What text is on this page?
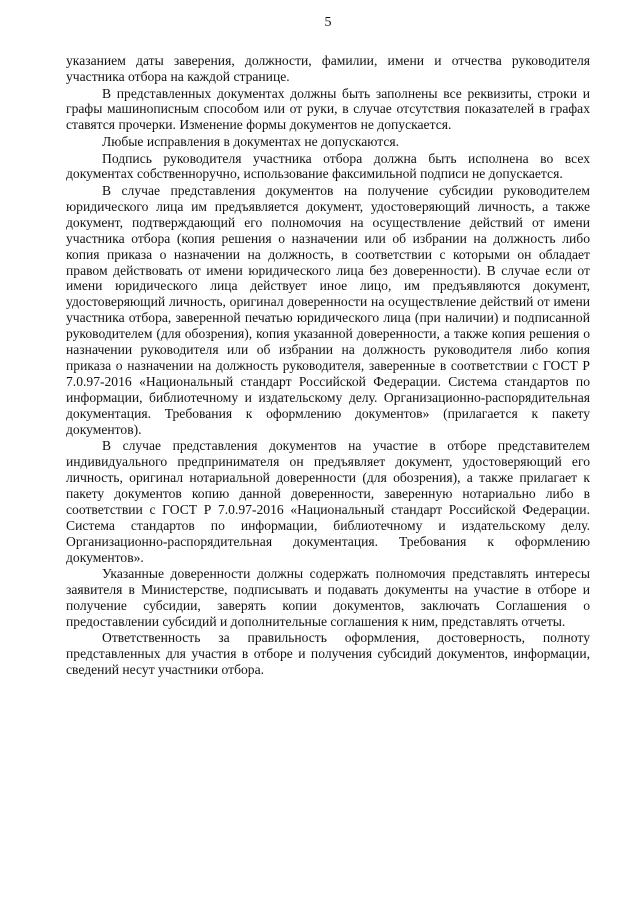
5

указанием даты заверения, должности, фамилии, имени и отчества руководителя участника отбора на каждой странице.

В представленных документах должны быть заполнены все реквизиты, строки и графы машинописным способом или от руки, в случае отсутствия показателей в графах ставятся прочерки. Изменение формы документов не допускается.

Любые исправления в документах не допускаются.

Подпись руководителя участника отбора должна быть исполнена во всех документах собственноручно, использование факсимильной подписи не допускается.

В случае представления документов на получение субсидии руководителем юридического лица им предъявляется документ, удостоверяющий личность, а также документ, подтверждающий его полномочия на осуществление действий от имени участника отбора (копия решения о назначении или об избрании на должность либо копия приказа о назначении на должность, в соответствии с которыми он обладает правом действовать от имени юридического лица без доверенности). В случае если от имени юридического лица действует иное лицо, им предъявляются документ, удостоверяющий личность, оригинал доверенности на осуществление действий от имени участника отбора, заверенной печатью юридического лица (при наличии) и подписанной руководителем (для обозрения), копия указанной доверенности, а также копия решения о назначении руководителя или об избрании на должность руководителя либо копия приказа о назначении на должность руководителя, заверенные в соответствии с ГОСТ Р 7.0.97-2016 «Национальный стандарт Российской Федерации. Система стандартов по информации, библиотечному и издательскому делу. Организационно-распорядительная документация. Требования к оформлению документов» (прилагается к пакету документов).

В случае представления документов на участие в отборе представителем индивидуального предпринимателя он предъявляет документ, удостоверяющий его личность, оригинал нотариальной доверенности (для обозрения), а также прилагает к пакету документов копию данной доверенности, заверенную нотариально либо в соответствии с ГОСТ Р 7.0.97-2016 «Национальный стандарт Российской Федерации. Система стандартов по информации, библиотечному и издательскому делу. Организационно-распорядительная документация. Требования к оформлению документов».

Указанные доверенности должны содержать полномочия представлять интересы заявителя в Министерстве, подписывать и подавать документы на участие в отборе и получение субсидии, заверять копии документов, заключать Соглашения о предоставлении субсидий и дополнительные соглашения к ним, представлять отчеты.

Ответственность за правильность оформления, достоверность, полноту представленных для участия в отборе и получения субсидий документов, информации, сведений несут участники отбора.
